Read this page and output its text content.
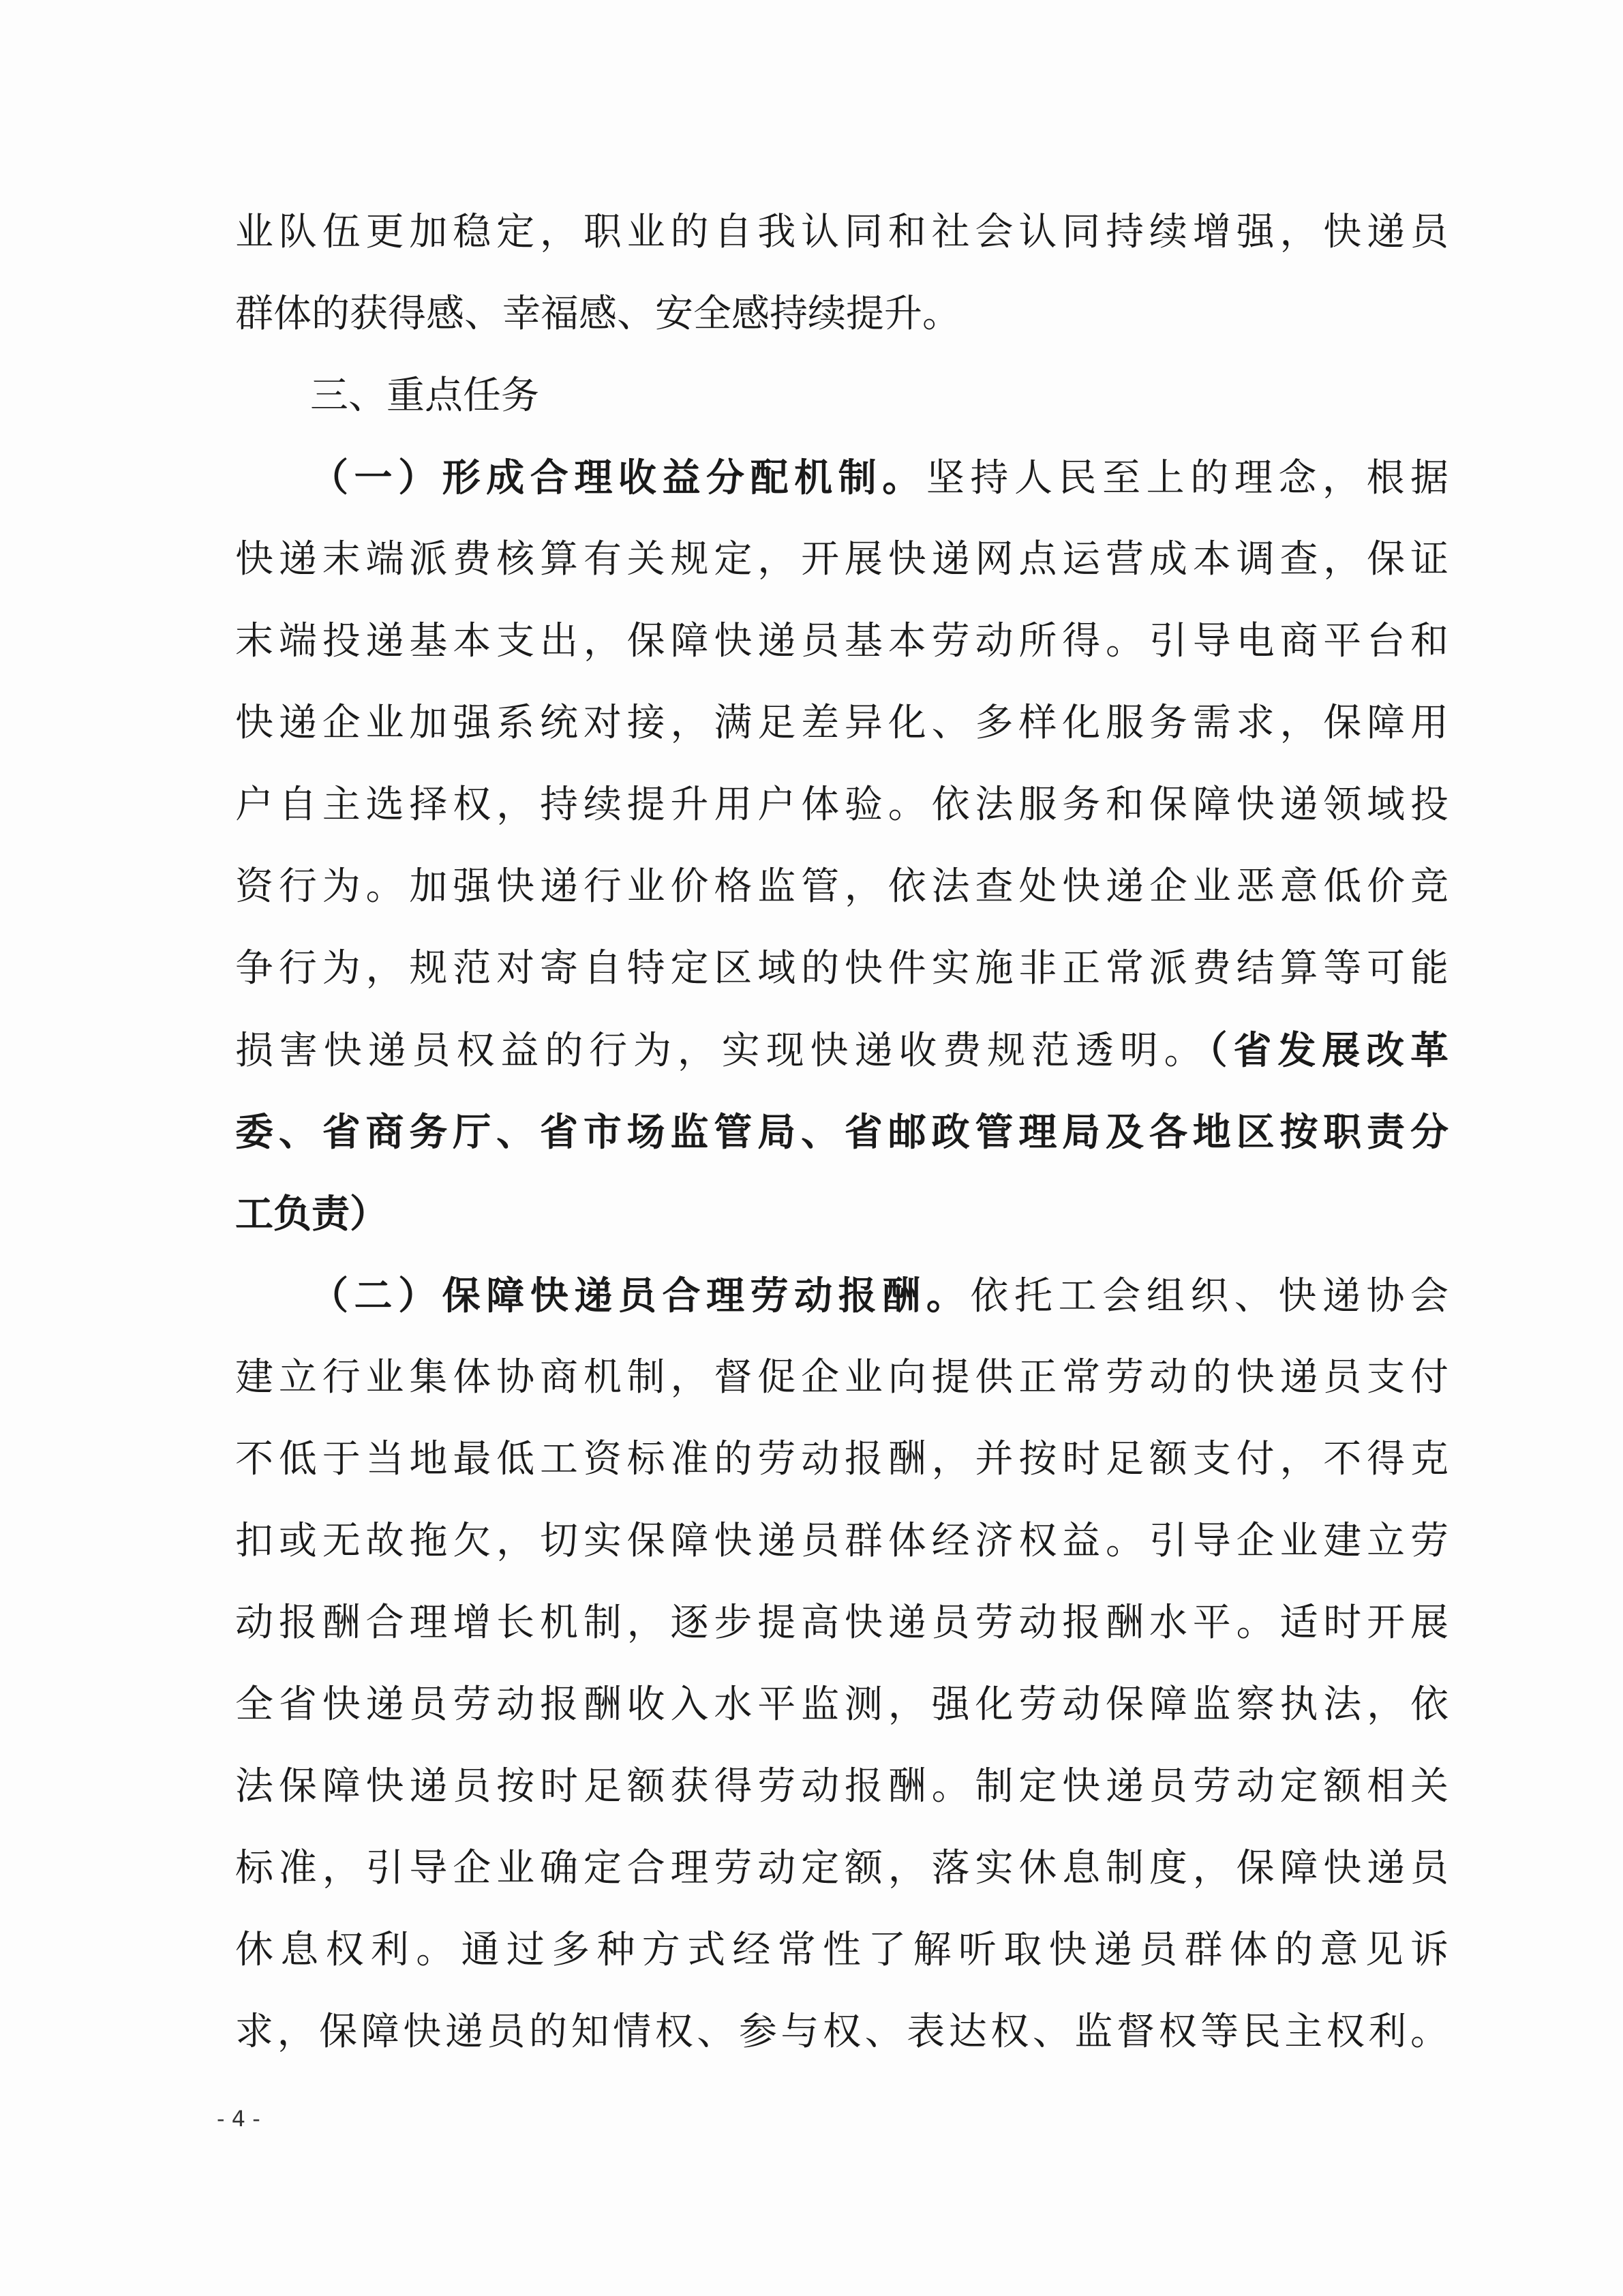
业队伍更加稳定，职业的自我认同和社会认同持续增强，快递员
群体的获得感、幸福感、安全感持续提升。
三、重点任务
（一）形成合理收益分配机制。坚持人民至上的理念，根据
快递末端派费核算有关规定，开展快递网点运营成本调查，保证
末端投递基本支出，保障快递员基本劳动所得。引导电商平台和
快递企业加强系统对接，满足差异化、多样化服务需求，保障用
户自主选择权，持续提升用户体验。依法服务和保障快递领域投
资行为。加强快递行业价格监管，依法查处快递企业恶意低价竞
争行为，规范对寄自特定区域的快件实施非正常派费结算等可能
损害快递员权益的行为，实现快递收费规范透明。（省发展改革
委、省商务厅、省市场监管局、省邮政管理局及各地区按职责分
工负责）
（二）保障快递员合理劳动报酬。依托工会组织、快递协会
建立行业集体协商机制，督促企业向提供正常劳动的快递员支付
不低于当地最低工资标准的劳动报酬，并按时足额支付，不得克
扣或无故拖欠，切实保障快递员群体经济权益。引导企业建立劳
动报酬合理增长机制，逐步提高快递员劳动报酬水平。适时开展
全省快递员劳动报酬收入水平监测，强化劳动保障监察执法，依
法保障快递员按时足额获得劳动报酬。制定快递员劳动定额相关
标准，引导企业确定合理劳动定额，落实休息制度，保障快递员
休息权利。通过多种方式经常性了解听取快递员群体的意见诉
求，保障快递员的知情权、参与权、表达权、监督权等民主权利。
- 4 -
